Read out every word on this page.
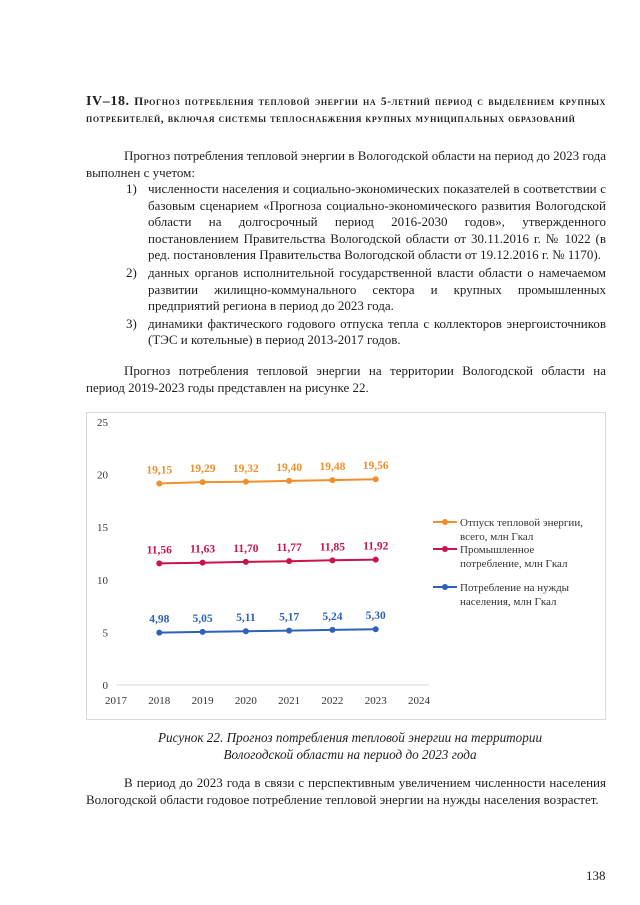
IV–18. Прогноз потребления тепловой энергии на 5-летний период с выделением крупных потребителей, включая системы теплоснабжения крупных муниципальных образований
Прогноз потребления тепловой энергии в Вологодской области на период до 2023 года выполнен с учетом:
1) численности населения и социально-экономических показателей в соответствии с базовым сценарием «Прогноза социально-экономического развития Вологодской области на долгосрочный период 2016-2030 годов», утвержденного постановлением Правительства Вологодской области от 30.11.2016 г. № 1022 (в ред. постановления Правительства Вологодской области от 19.12.2016 г. № 1170).
2) данных органов исполнительной государственной власти области о намечаемом развитии жилищно-коммунального сектора и крупных промышленных предприятий региона в период до 2023 года.
3) динамики фактического годового отпуска тепла с коллекторов энергоисточников (ТЭС и котельные) в период 2013-2017 годов.
Прогноз потребления тепловой энергии на территории Вологодской области на период 2019-2023 годы представлен на рисунке 22.
0
5
10
15
20
25
2017 2018 2019 2020 2021 2022 2023 2024
19,15 19,29 19,32 19,40 19,48 19,56
11,56 11,63 11,70 11,77 11,85 11,92
4,98 5,05 5,11 5,17 5,24 5,30
Отпуск тепловой энергии,
всего, млн Гкал
Промышленное
потребление, млн Гкал
Потребление на нужды
населения, млн Гкал
Рисунок 22. Прогноз потребления тепловой энергии на территории
Вологодской области на период до 2023 года
В период до 2023 года в связи с перспективным увеличением численности населения Вологодской области годовое потребление тепловой энергии на нужды населения возрастет.
138
